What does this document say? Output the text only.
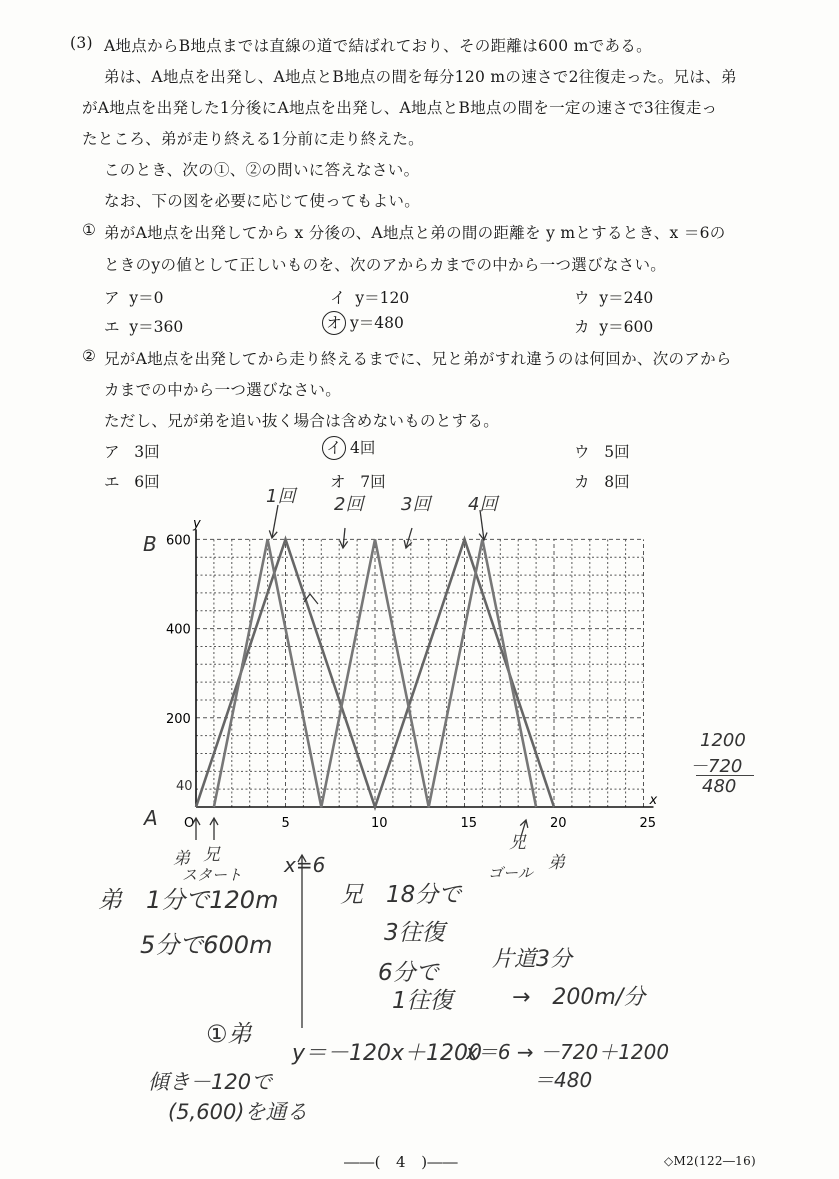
(3) A地点からB地点までは直線の道で結ばれており、その距離は600 mである。
弟は、A地点を出発し、A地点とB地点の間を毎分120 mの速さで2往復走った。兄は、弟
がA地点を出発した1分後にA地点を出発し、A地点とB地点の間を一定の速さで3往復走っ
たところ、弟が走り終える1分前に走り終えた。
このとき、次の①、②の問いに答えなさい。
なお、下の図を必要に応じて使ってもよい。
① 弟がA地点を出発してから x 分後の、A地点と弟の間の距離を y mとするとき、x ＝6の
ときのyの値として正しいものを、次のアからカまでの中から一つ選びなさい。
ア y＝0	イ y＝120	ウ y＝240
エ y＝360	オ y＝480	カ y＝600
② 兄がA地点を出発してから走り終えるまでに、兄と弟がすれ違うのは何回か、次のアから
カまでの中から一つ選びなさい。
ただし、兄が弟を追い抜く場合は含めないものとする。
ア 3回	イ 4回	ウ 5回
エ 6回	オ 7回	カ 8回
x
y
O	5	10	15	20	25
200
400
600
B
A
40
1回 2回 3回 4回
弟 兄
スタート x=6
兄
ゴール 弟
1200
－720
480
弟　1分で120m
5分で600m
兄　18分で
3往復
6分で
1往復
片道3分
→　200m/分
①弟
y＝－120x＋1200
x＝6 → －720＋1200
＝480
傾き－120で
(5,600)を通る
――(　4　)――	◇M2(122―16)
